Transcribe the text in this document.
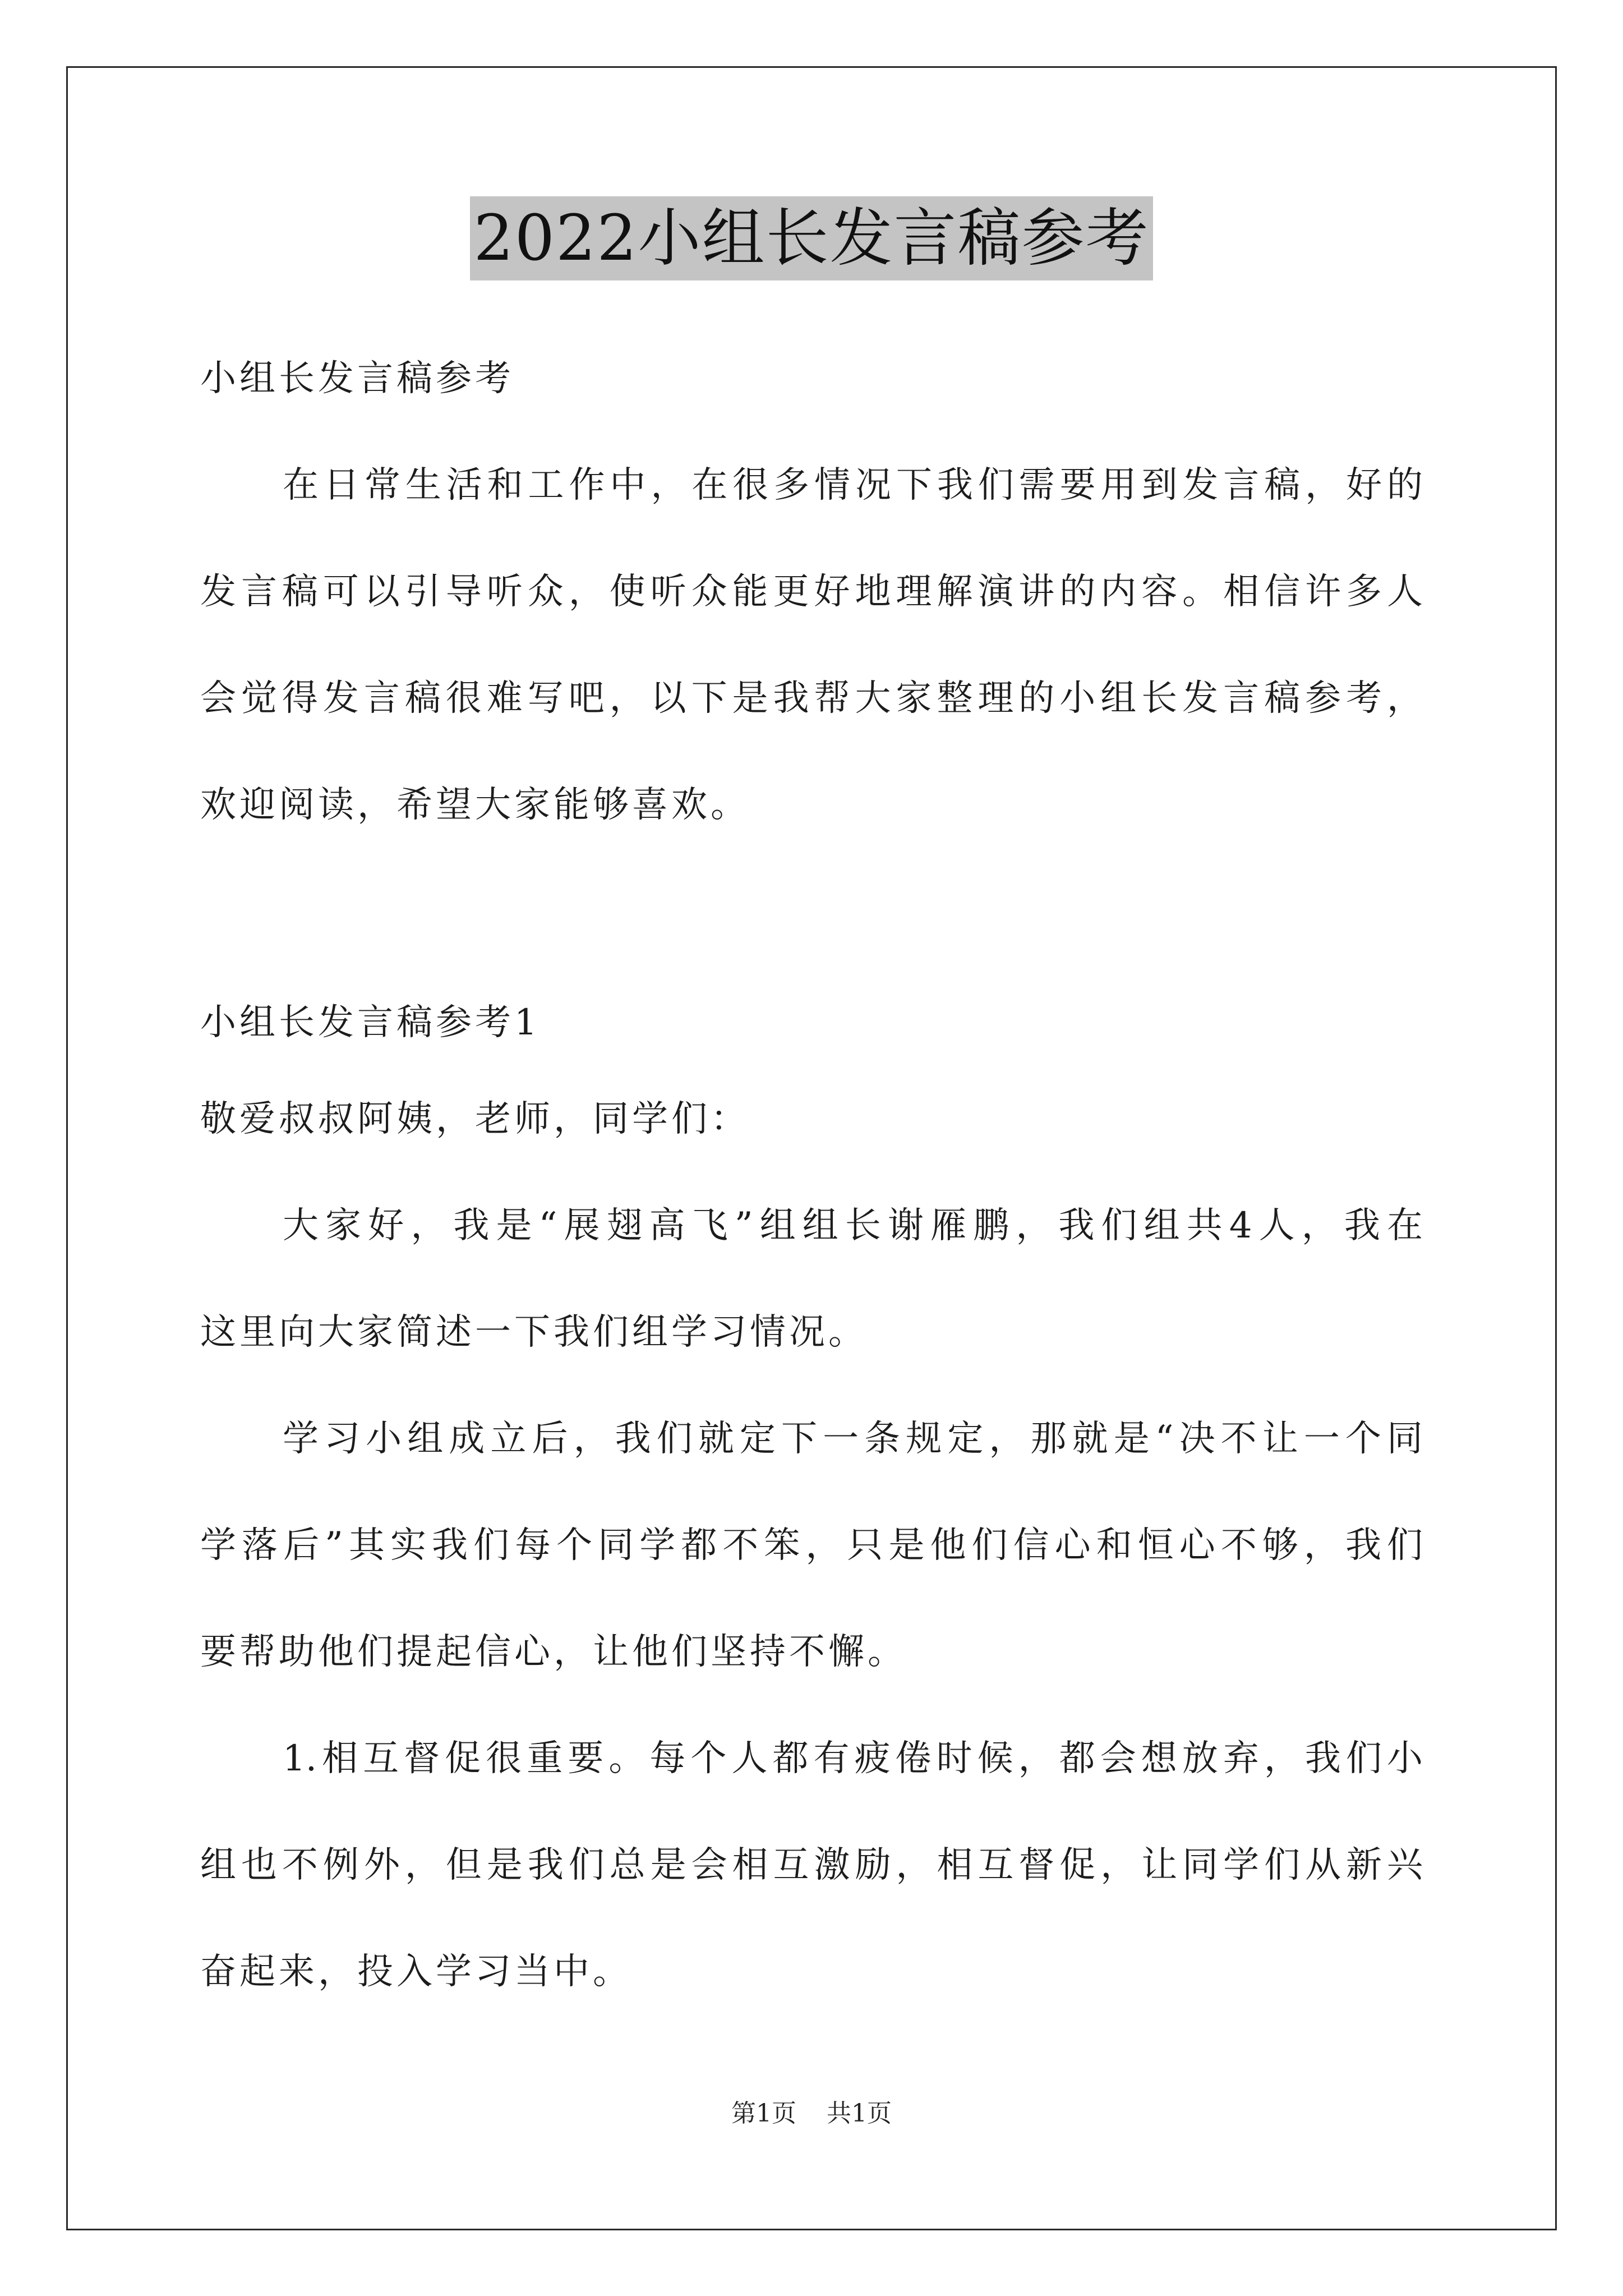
2022小组长发言稿参考
小组长发言稿参考
在日常生活和工作中，在很多情况下我们需要用到发言稿，好的
发言稿可以引导听众，使听众能更好地理解演讲的内容。相信许多人
会觉得发言稿很难写吧，以下是我帮大家整理的小组长发言稿参考，
欢迎阅读，希望大家能够喜欢。
小组长发言稿参考1
敬爱叔叔阿姨，老师，同学们：
大家好，我是“展翅高飞”组组长谢雁鹏，我们组共4人，我在
这里向大家简述一下我们组学习情况。
学习小组成立后，我们就定下一条规定，那就是“决不让一个同
学落后”其实我们每个同学都不笨，只是他们信心和恒心不够，我们
要帮助他们提起信心，让他们坚持不懈。
1.相互督促很重要。每个人都有疲倦时候，都会想放弃，我们小
组也不例外，但是我们总是会相互激励，相互督促，让同学们从新兴
奋起来，投入学习当中。
第1页 共1页
